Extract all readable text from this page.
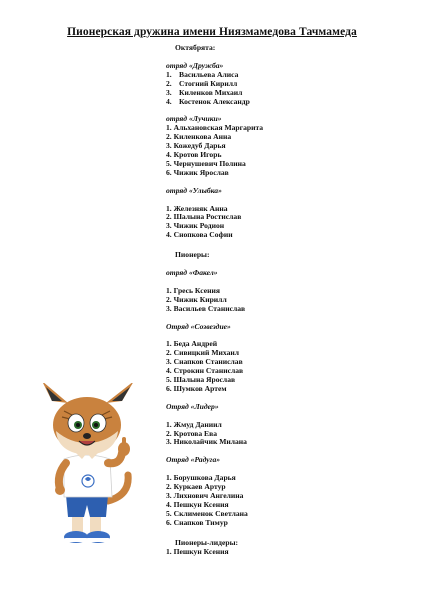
Пионерская дружина имени Ниязмамедова Тачмамеда
Октябрята:
отряд «Дружба»
1. Васильева Алиса
2. Стогний Кирилл
3. Киленков Михаил
4. Костенок Александр
отряд «Лучики»
1. Альхановская Маргарита
2. Киленкова Анна
3. Кожедуб Дарья
4. Кротов Игорь
5. Чернушевич Полина
6. Чижик Ярослав
отряд «Улыбка»
1. Железняк Анна
2. Шалына Ростислав
3. Чижик Родион
4. Снопкова Софии
Пионеры:
отряд «Факел»
1. Гресь Ксения
2. Чижик Кирилл
3. Васильев Станислав
Отряд «Созвездие»
1. Беда Андрей
2. Сивицкий Михаил
3. Снапков Станислав
4. Строкин Станислав
5. Шалына Ярослав
6. Шумков Артем
Отряд «Лидер»
1. Жмуд Даниил
2. Кротова Ева
3. Николайчик Милана
Отряд «Радуга»
1. Борушкова Дарья
2. Куркаев Артур
3. Лихнович Ангелина
4. Пешкун Ксения
5. Склименок Светлана
6. Снапков Тимур
Пионеры-лидеры:
1. Пешкун Ксения
